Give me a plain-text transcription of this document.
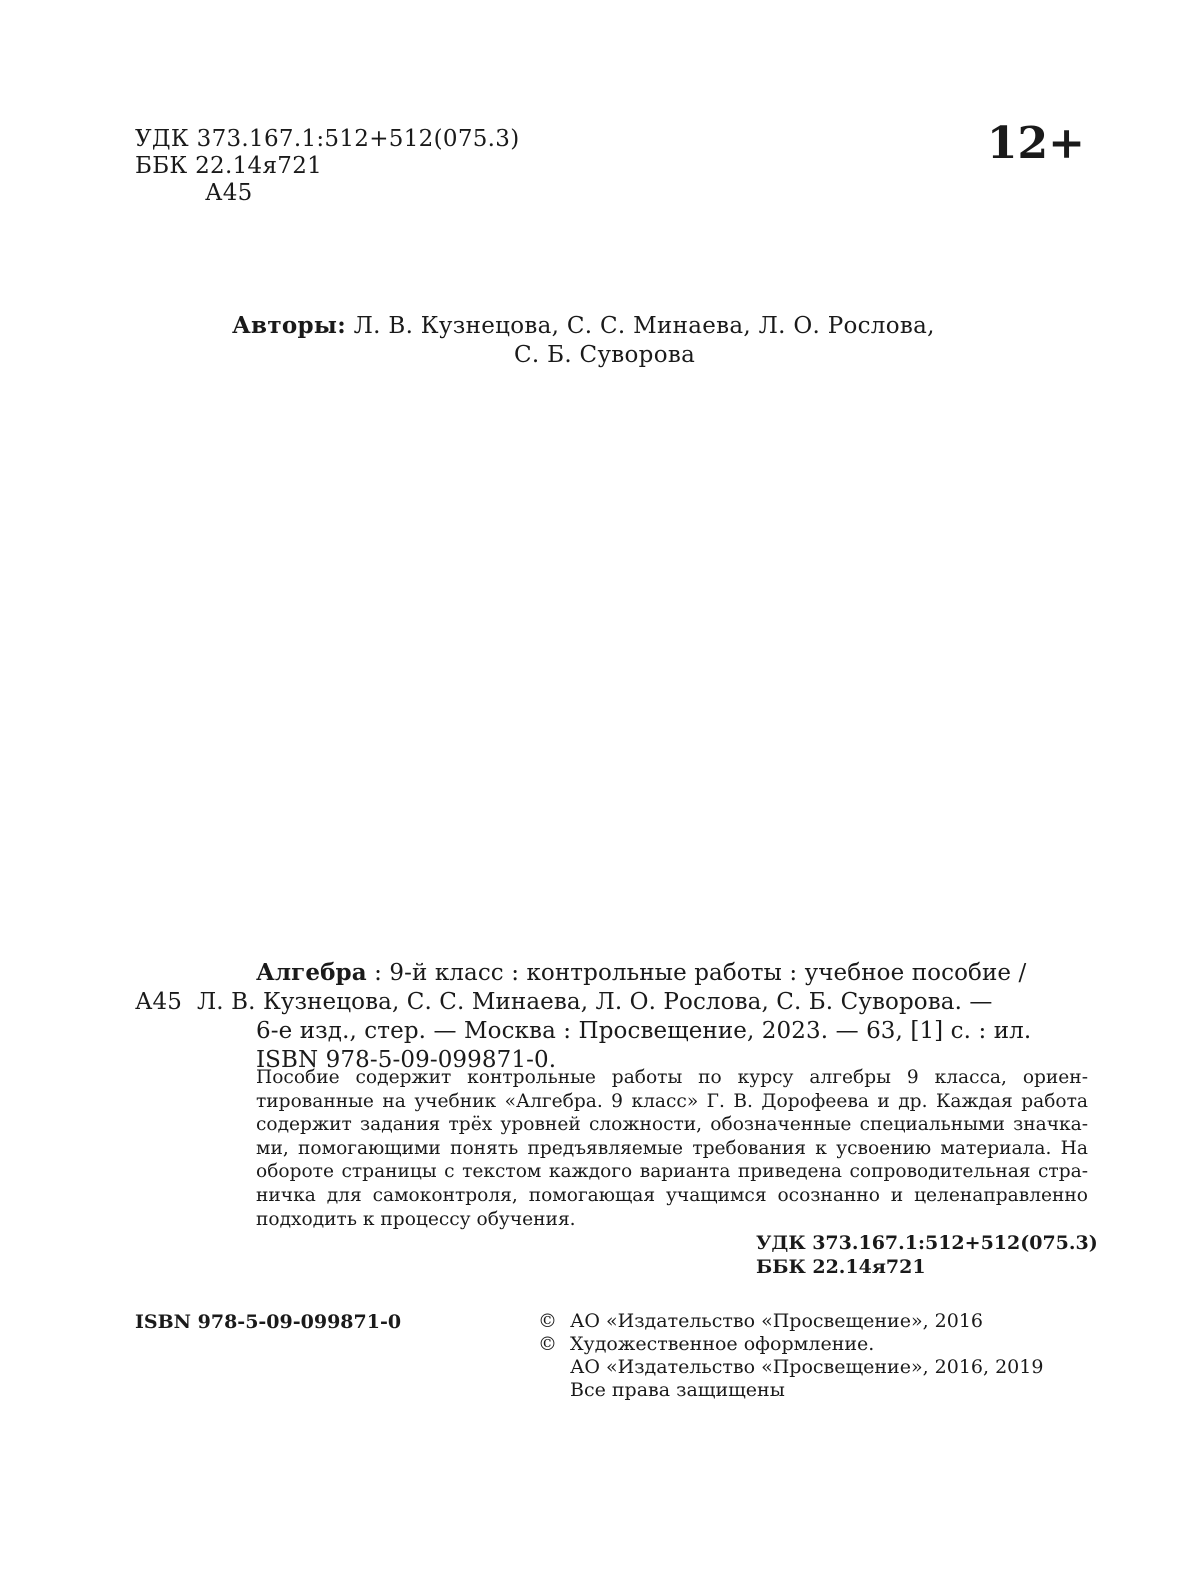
УДК 373.167.1:512+512(075.3)
ББК 22.14я721
А45
12+
Авторы: Л. В. Кузнецова, С. С. Минаева, Л. О. Рослова,
С. Б. Суворова
Алгебра : 9-й класс : контрольные работы : учебное пособие /
А45 Л. В. Кузнецова, С. С. Минаева, Л. О. Рослова, С. Б. Суворова. —
6-е изд., стер. — Москва : Просвещение, 2023. — 63, [1] с. : ил.
ISBN 978-5-09-099871-0.
Пособие содержит контрольные работы по курсу алгебры 9 класса, ориен-
тированные на учебник «Алгебра. 9 класс» Г. В. Дорофеева и др. Каждая работа
содержит задания трёх уровней сложности, обозначенные специальными значка-
ми, помогающими понять предъявляемые требования к усвоению материала. На
обороте страницы с текстом каждого варианта приведена сопроводительная стра-
ничка для самоконтроля, помогающая учащимся осознанно и целенаправленно
подходить к процессу обучения.
УДК 373.167.1:512+512(075.3)
ББК 22.14я721
ISBN 978-5-09-099871-0	© АО «Издательство «Просвещение», 2016
© Художественное оформление.
АО «Издательство «Просвещение», 2016, 2019
Все права защищены
